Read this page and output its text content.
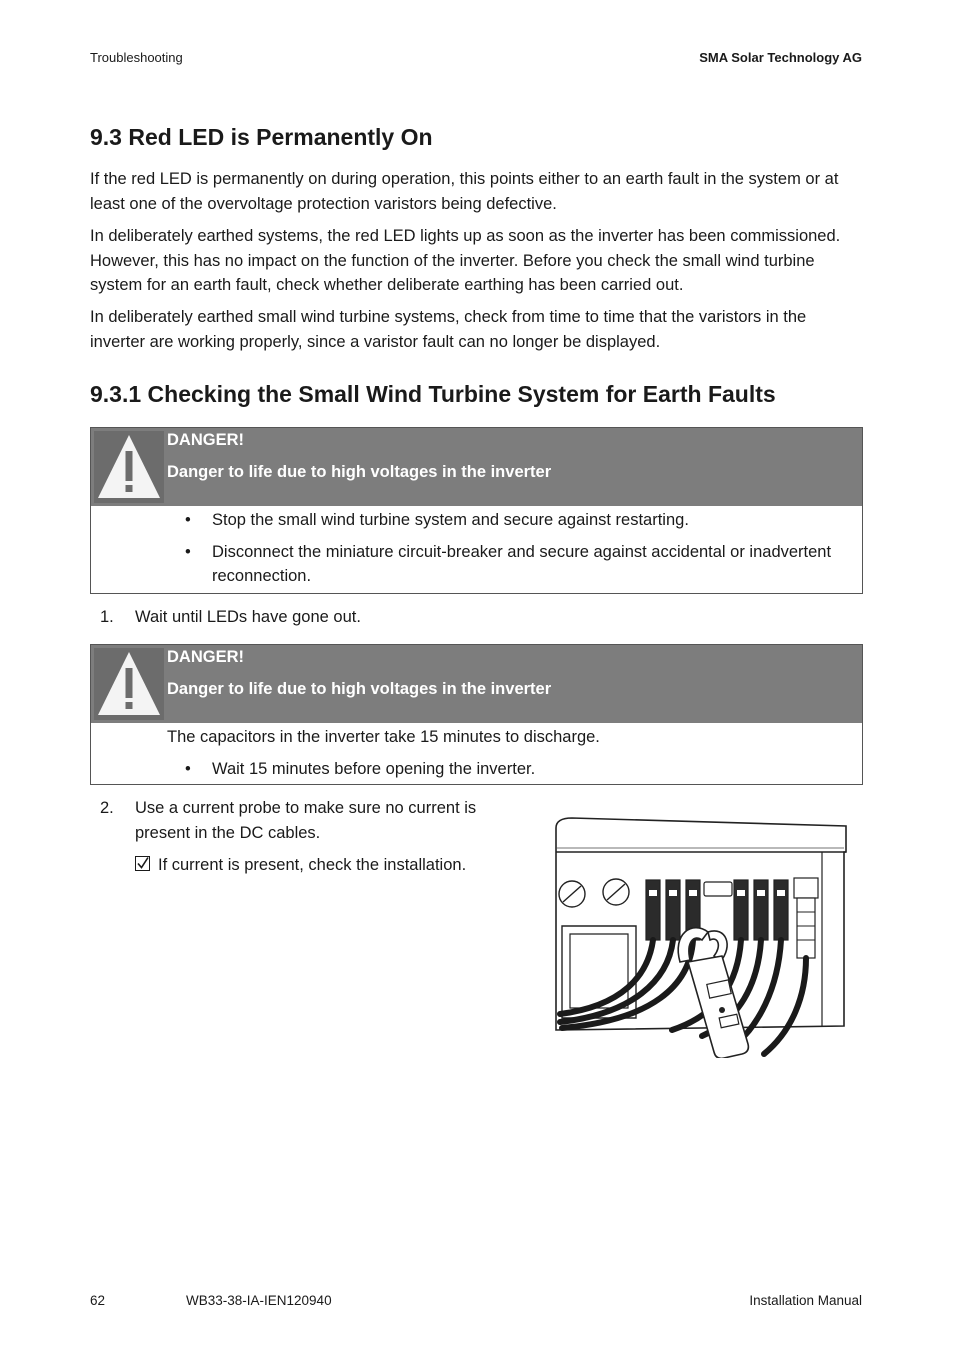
Troubleshooting	SMA Solar Technology AG
9.3 Red LED is Permanently On

If the red LED is permanently on during operation, this points either to an earth fault in the system or at least one of the overvoltage protection varistors being defective.

In deliberately earthed systems, the red LED lights up as soon as the inverter has been commissioned. However, this has no impact on the function of the inverter. Before you check the small wind turbine system for an earth fault, check whether deliberate earthing has been carried out.

In deliberately earthed small wind turbine systems, check from time to time that the varistors in the inverter are working properly, since a varistor fault can no longer be displayed.

9.3.1 Checking the Small Wind Turbine System for Earth Faults
DANGER!
Danger to life due to high voltages in the inverter
• Stop the small wind turbine system and secure against restarting.
• Disconnect the miniature circuit-breaker and secure against accidental or inadvertent reconnection.
1. Wait until LEDs have gone out.
DANGER!
Danger to life due to high voltages in the inverter
The capacitors in the inverter take 15 minutes to discharge.
• Wait 15 minutes before opening the inverter.
2. Use a current probe to make sure no current is present in the DC cables.
If current is present, check the installation.
62	WB33-38-IA-IEN120940	Installation Manual
